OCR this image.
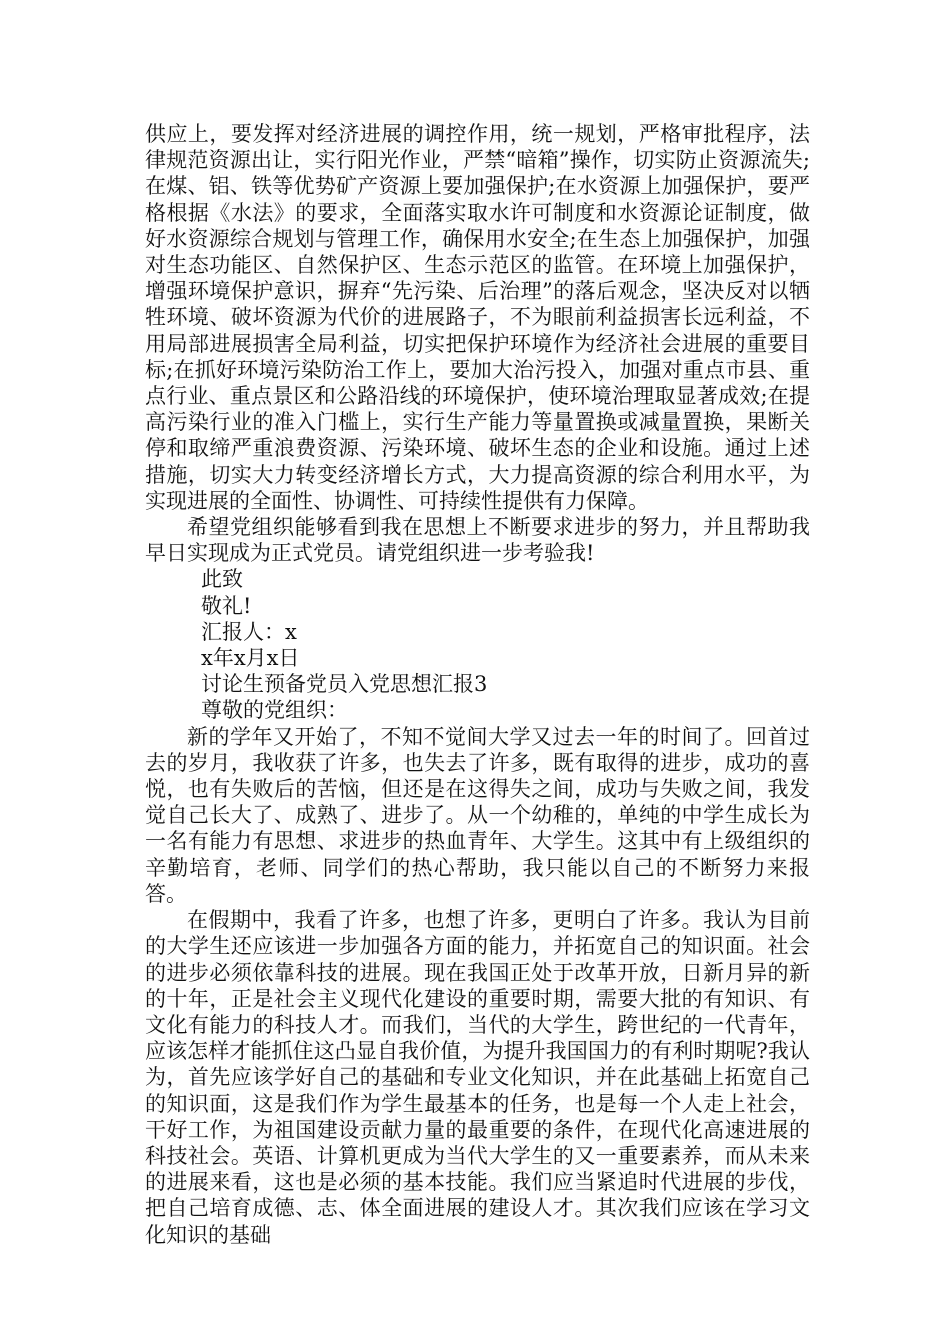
供应上，要发挥对经济进展的调控作用，统一规划，严格审批程序，法律规范资源出让，实行阳光作业，严禁“暗箱”操作，切实防止资源流失;在煤、铝、铁等优势矿产资源上要加强保护;在水资源上加强保护，要严格根据《水法》的要求，全面落实取水许可制度和水资源论证制度，做好水资源综合规划与管理工作，确保用水安全;在生态上加强保护，加强对生态功能区、自然保护区、生态示范区的监管。在环境上加强保护，增强环境保护意识，摒弃“先污染、后治理”的落后观念，坚决反对以牺牲环境、破坏资源为代价的进展路子，不为眼前利益损害长远利益，不用局部进展损害全局利益，切实把保护环境作为经济社会进展的重要目标;在抓好环境污染防治工作上，要加大治污投入，加强对重点市县、重点行业、重点景区和公路沿线的环境保护，使环境治理取显著成效;在提高污染行业的准入门槛上，实行生产能力等量置换或减量置换，果断关停和取缔严重浪费资源、污染环境、破坏生态的企业和设施。通过上述措施，切实大力转变经济增长方式，大力提高资源的综合利用水平，为实现进展的全面性、协调性、可持续性提供有力保障。

希望党组织能够看到我在思想上不断要求进步的努力，并且帮助我早日实现成为正式党员。请党组织进一步考验我!

此致

敬礼!

汇报人：x

x年x月x日

讨论生预备党员入党思想汇报3

尊敬的党组织：

新的学年又开始了，不知不觉间大学又过去一年的时间了。回首过去的岁月，我收获了许多，也失去了许多，既有取得的进步，成功的喜悦，也有失败后的苦恼，但还是在这得失之间，成功与失败之间，我发觉自己长大了、成熟了、进步了。从一个幼稚的，单纯的中学生成长为一名有能力有思想、求进步的热血青年、大学生。这其中有上级组织的辛勤培育，老师、同学们的热心帮助，我只能以自己的不断努力来报答。

在假期中，我看了许多，也想了许多，更明白了许多。我认为目前的大学生还应该进一步加强各方面的能力，并拓宽自己的知识面。社会的进步必须依靠科技的进展。现在我国正处于改革开放，日新月异的新的十年，正是社会主义现代化建设的重要时期，需要大批的有知识、有文化有能力的科技人才。而我们，当代的大学生，跨世纪的一代青年，应该怎样才能抓住这凸显自我价值，为提升我国国力的有利时期呢?我认为，首先应该学好自己的基础和专业文化知识，并在此基础上拓宽自己的知识面，这是我们作为学生最基本的任务，也是每一个人走上社会，干好工作，为祖国建设贡献力量的最重要的条件，在现代化高速进展的科技社会。英语、计算机更成为当代大学生的又一重要素养，而从未来的进展来看，这也是必须的基本技能。我们应当紧追时代进展的步伐，把自己培育成德、志、体全面进展的建设人才。其次我们应该在学习文化知识的基础
